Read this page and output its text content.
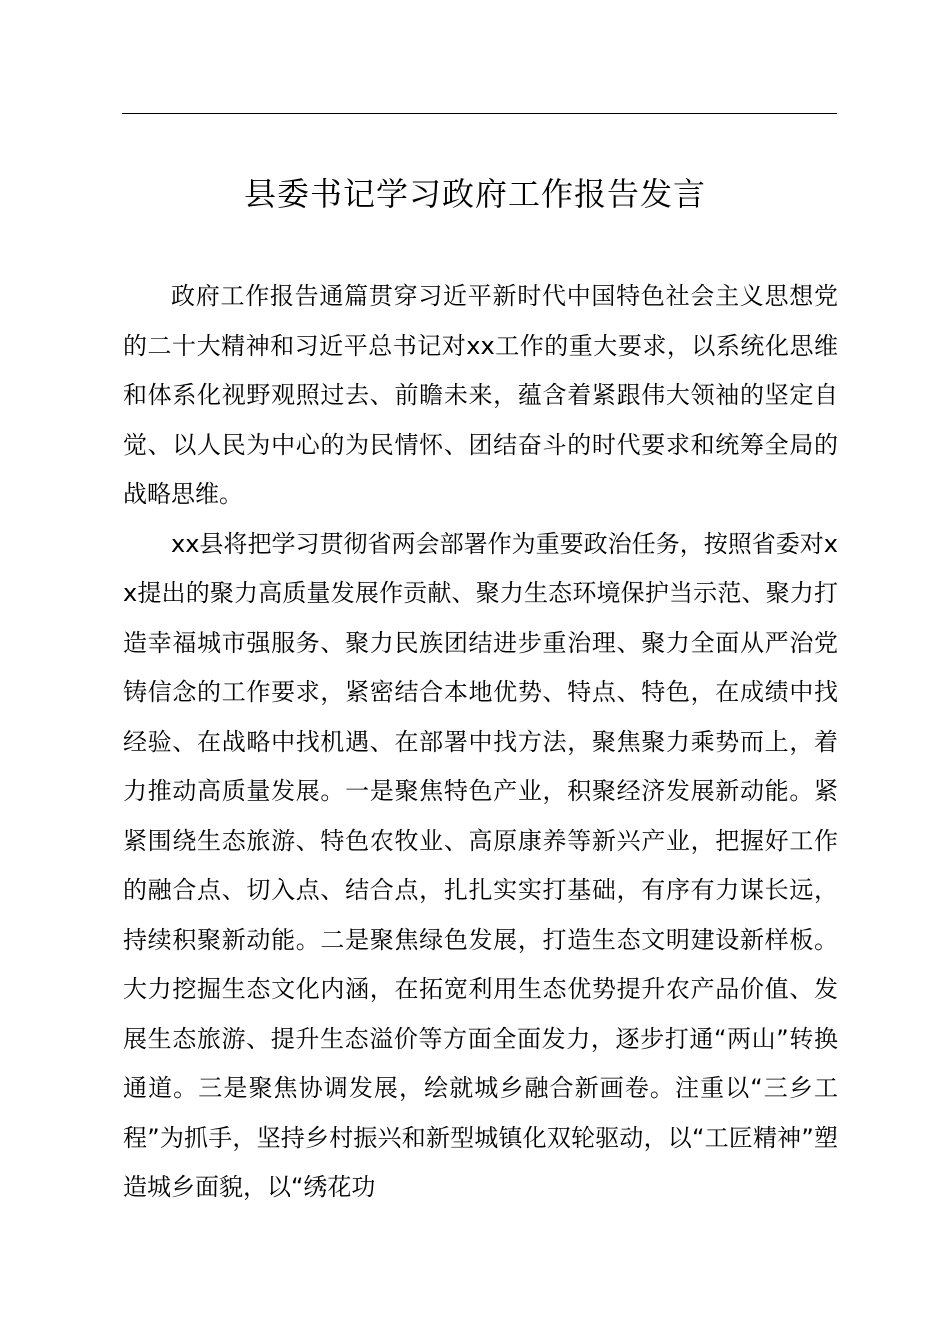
县委书记学习政府工作报告发言

政府工作报告通篇贯穿习近平新时代中国特色社会主义思想党的二十大精神和习近平总书记对xx工作的重大要求，以系统化思维和体系化视野观照过去、前瞻未来，蕴含着紧跟伟大领袖的坚定自觉、以人民为中心的为民情怀、团结奋斗的时代要求和统筹全局的战略思维。

xx县将把学习贯彻省两会部署作为重要政治任务，按照省委对xx提出的聚力高质量发展作贡献、聚力生态环境保护当示范、聚力打造幸福城市强服务、聚力民族团结进步重治理、聚力全面从严治党铸信念的工作要求，紧密结合本地优势、特点、特色，在成绩中找经验、在战略中找机遇、在部署中找方法，聚焦聚力乘势而上，着力推动高质量发展。一是聚焦特色产业，积聚经济发展新动能。紧紧围绕生态旅游、特色农牧业、高原康养等新兴产业，把握好工作的融合点、切入点、结合点，扎扎实实打基础，有序有力谋长远，持续积聚新动能。二是聚焦绿色发展，打造生态文明建设新样板。大力挖掘生态文化内涵，在拓宽利用生态优势提升农产品价值、发展生态旅游、提升生态溢价等方面全面发力，逐步打通“两山”转换通道。三是聚焦协调发展，绘就城乡融合新画卷。注重以“三乡工程”为抓手，坚持乡村振兴和新型城镇化双轮驱动，以“工匠精神”塑造城乡面貌，以“绣花功
